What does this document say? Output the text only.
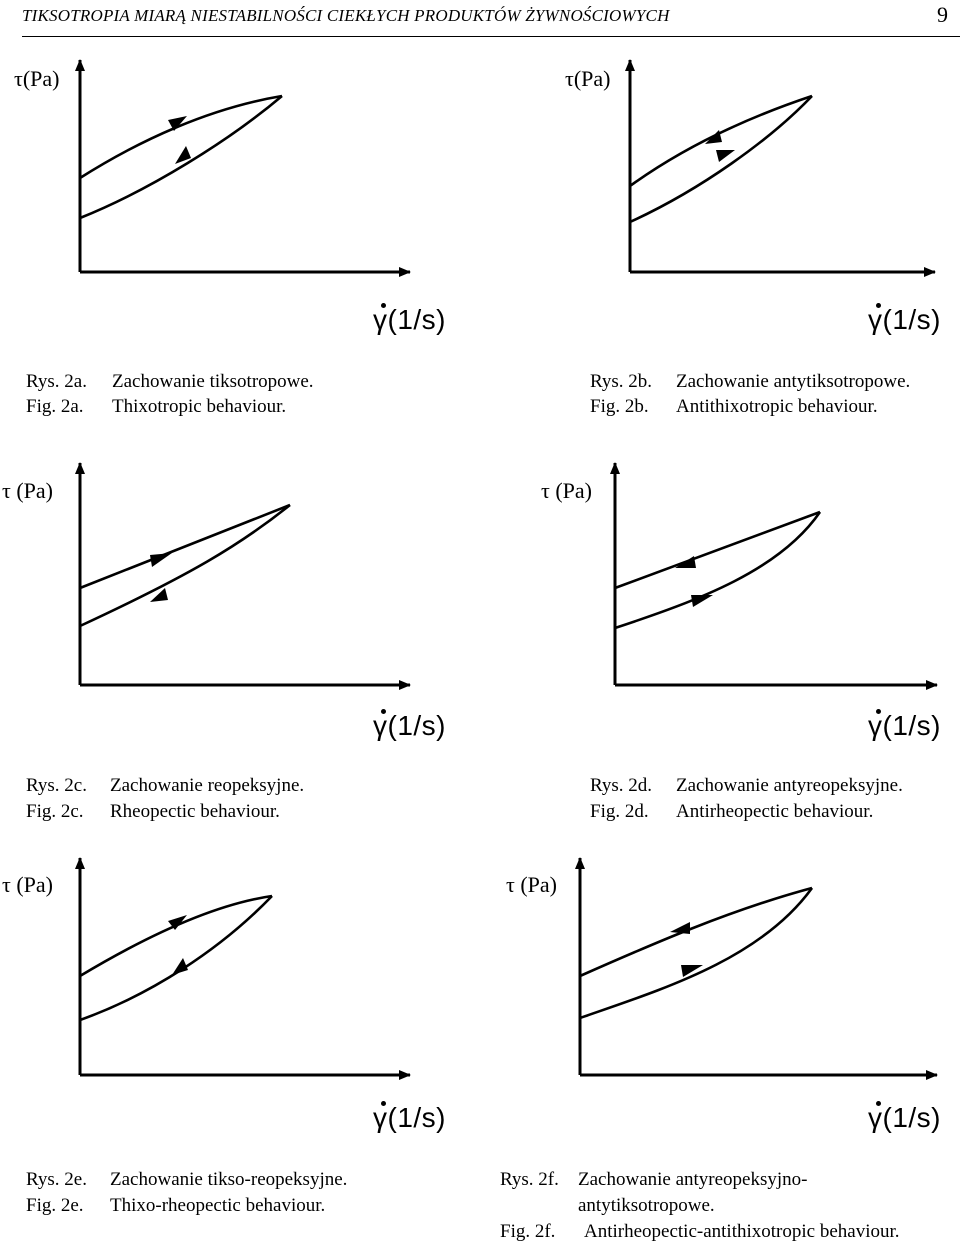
TIKSOTROPIA MIARĄ NIESTABILNOŚCI CIEKŁYCH PRODUKTÓW ŻYWNOŚCIOWYCH	9
τ(Pa)
γ(1/s)
τ(Pa)
γ(1/s)
τ (Pa)
γ(1/s)
τ (Pa)
γ(1/s)
τ (Pa)
γ(1/s)
τ (Pa)
γ(1/s)
Rys. 2a. Zachowanie tiksotropowe.
Fig. 2a. Thixotropic behaviour.
Rys. 2b. Zachowanie antytiksotropowe.
Fig. 2b. Antithixotropic behaviour.
Rys. 2c. Zachowanie reopeksyjne.
Fig. 2c. Rheopectic behaviour.
Rys. 2d. Zachowanie antyreopeksyjne.
Fig. 2d. Antirheopectic behaviour.
Rys. 2e. Zachowanie tikso-reopeksyjne.
Fig. 2e. Thixo-rheopectic behaviour.
Rys. 2f. Zachowanie antyreopeksyjno-
antytiksotropowe.
Fig. 2f. Antirheopectic-antithixotropic behaviour.
